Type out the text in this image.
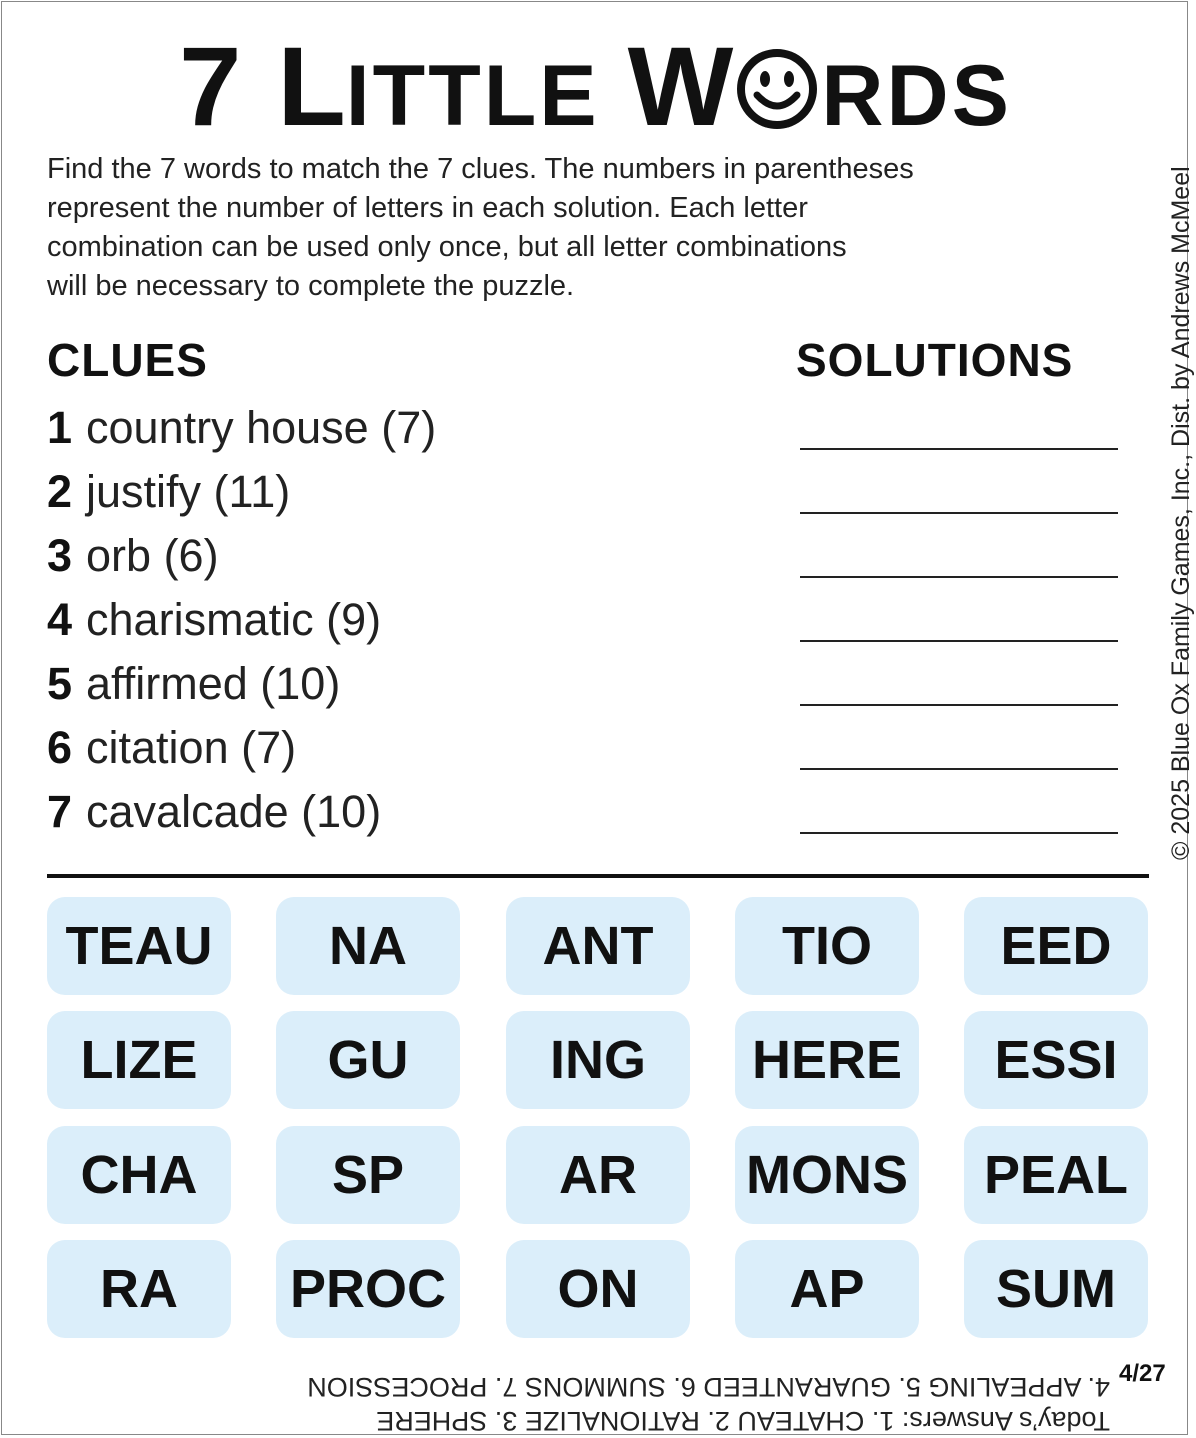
7 L ITTLE W RDS

Find the 7 words to match the 7 clues. The numbers in parentheses

represent the number of letters in each solution. Each letter

combination can be used only once, but all letter combinations

will be necessary to complete the puzzle.

CLUES	SOLUTIONS
1 country house (7)
2 justify (11)
3 orb (6)
4 charismatic (9)
5 affirmed (10)
6 citation (7)
7 cavalcade (10)	© 2025 Blue Ox Family Games, Inc., Dist. by Andrews McMeel
TEAU	NA	ANT	TIO	EED
LIZE	GU	ING	HERE	ESSI
CHA	SP	AR	MONS	PEAL
RA	PROC	ON	AP	SUM

Today’s Answers: 1. CHATEAU 2. RATIONALIZE 3. SPHERE

4. APPEALING 5. GUARANTEED 6. SUMMONS 7. PROCESSION 4/27
